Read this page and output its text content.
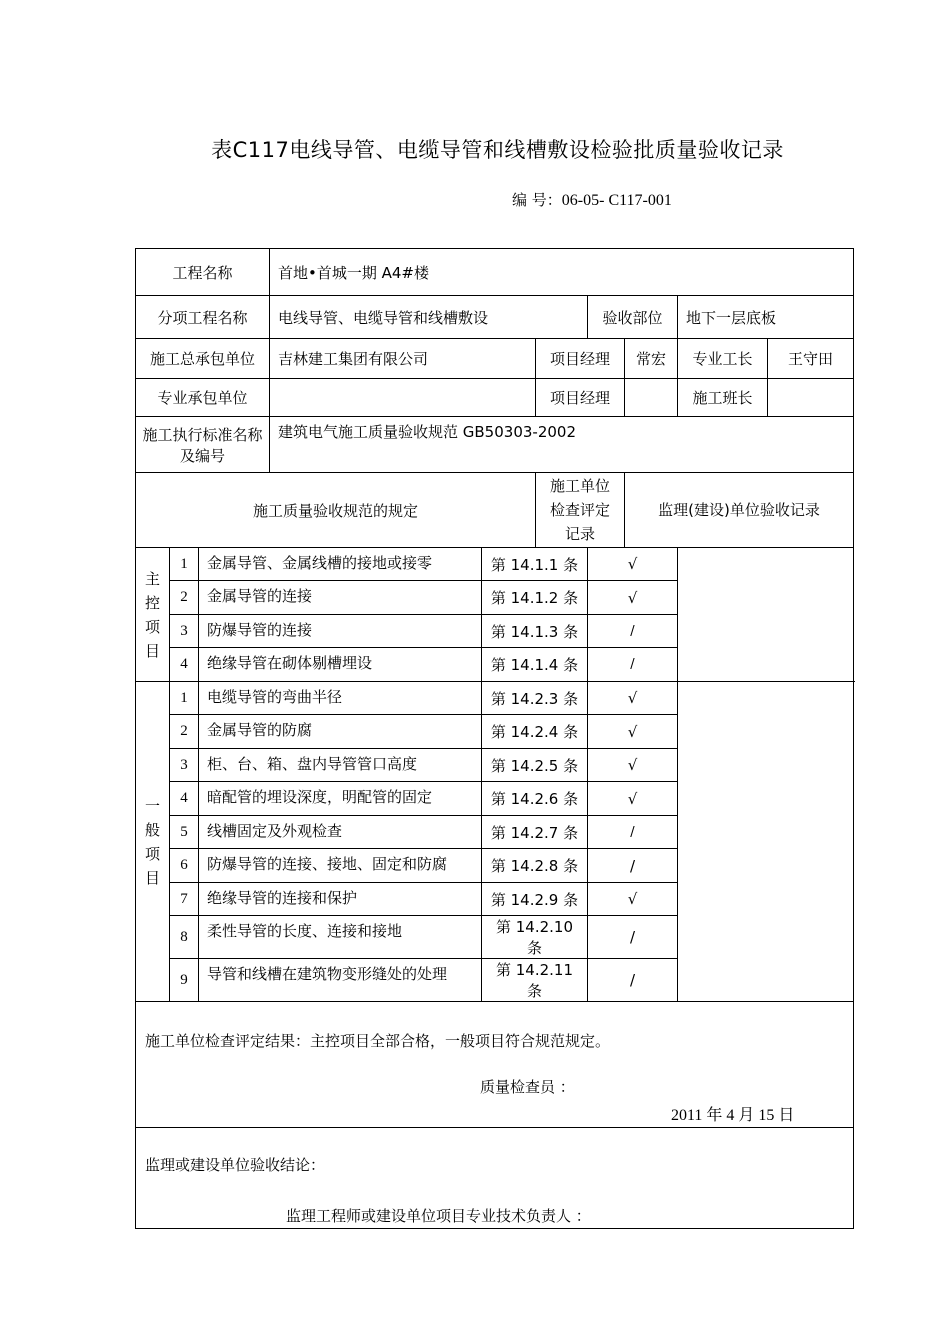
表C117电线导管、电缆导管和线槽敷设检验批质量验收记录
编 号：06-05- C117-001
工程名称			首地•首城一期 A4#楼						
分项工程名称			电线导管、电缆导管和线槽敷设			验收部位		地下一层底板	
施工总承包单位			吉林建工集团有限公司		项目经理		常宏	专业工长	王守田
专业承包单位					项目经理			施工班长	
施工执行标准名称及编号			建筑电气施工质量验收规范 GB50303-2002						
施工质量验收规范的规定					施工单位检查评定记录		监理(建设)单位验收记录		

主控项目	1	金属导管、金属线槽的接地或接零		第 14.1.1 条		√			
	2	金属导管的连接		第 14.1.2 条		√			
	3	防爆导管的连接		第 14.1.3 条		/			
	4	绝缘导管在砌体剔槽埋设		第 14.1.4 条		/			

一般项目	1	电缆导管的弯曲半径		第 14.2.3 条		√			
	2	金属导管的防腐		第 14.2.4 条		√			
	3	柜、台、箱、盘内导管管口高度		第 14.2.5 条		√			
	4	暗配管的埋设深度，明配管的固定		第 14.2.6 条		√			
	5	线槽固定及外观检查		第 14.2.7 条		/			
	6	防爆导管的连接、接地、固定和防腐		第 14.2.8 条		/			
	7	绝缘导管的连接和保护		第 14.2.9 条		√			
	8	柔性导管的长度、连接和接地		第 14.2.10 条		/			
	9	导管和线槽在建筑物变形缝处的处理		第 14.2.11 条		/			

施工单位检查评定结果：主控项目全部合格，一般项目符合规范规定。
质量检查员 ：
2011 年 4 月 15 日									

监理或建设单位验收结论：
监理工程师或建设单位项目专业技术负责人 ：									
